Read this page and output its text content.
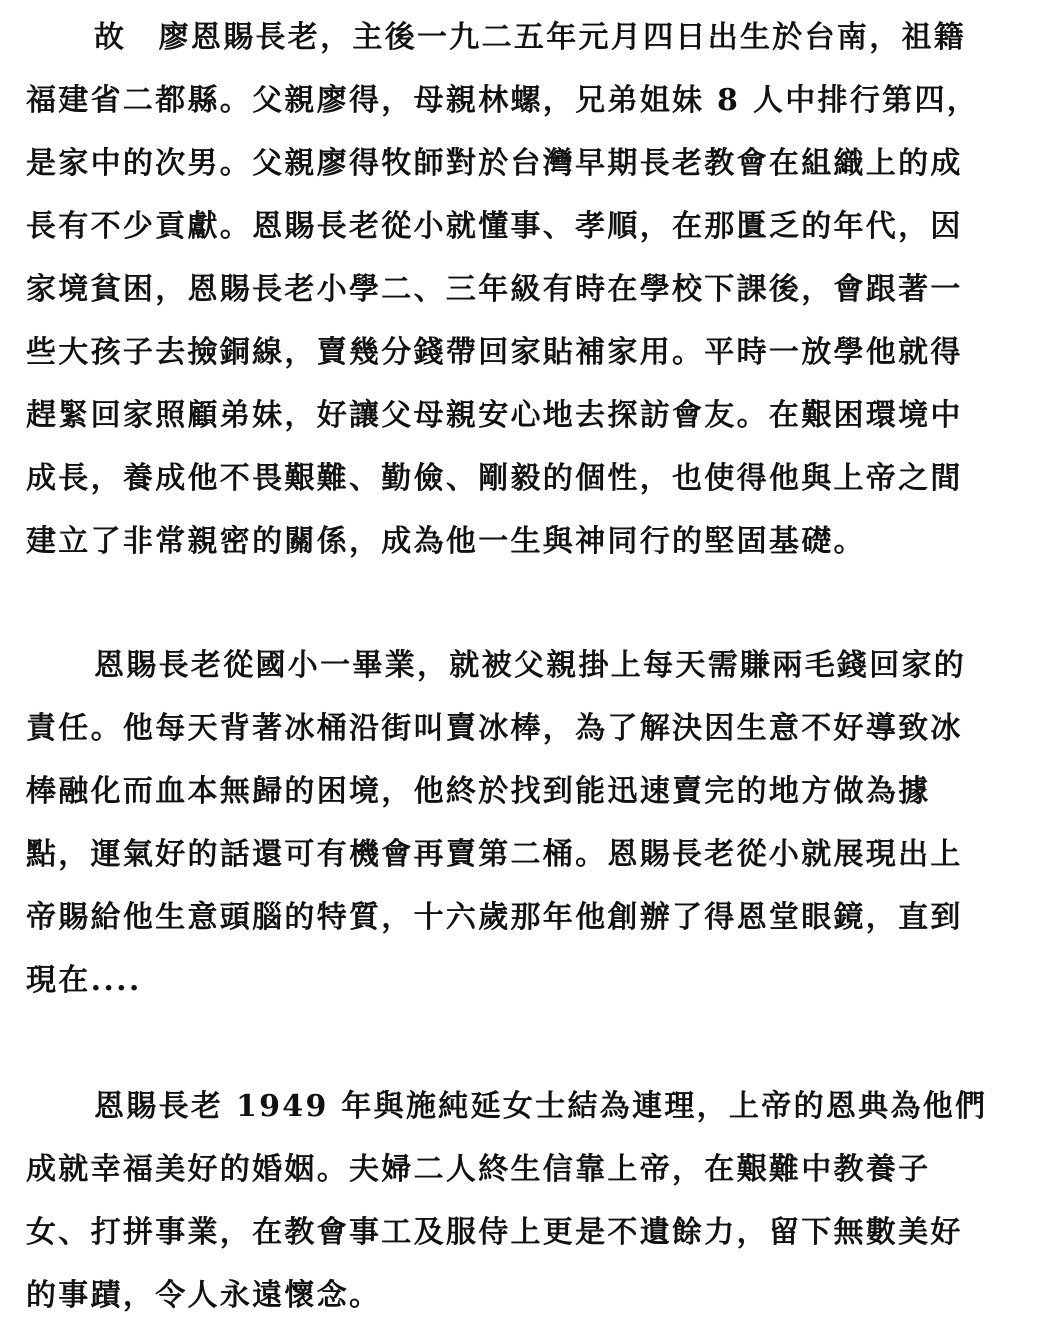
故　廖恩賜長老，主後一九二五年元月四日出生於台南，祖籍

福建省二都縣。父親廖得，母親林螺，兄弟姐妹 8 人中排行第四，

是家中的次男。父親廖得牧師對於台灣早期長老教會在組織上的成

長有不少貢獻。恩賜長老從小就懂事、孝順，在那匱乏的年代，因

家境貧困，恩賜長老小學二、三年級有時在學校下課後，會跟著一

些大孩子去撿銅線，賣幾分錢帶回家貼補家用。平時一放學他就得

趕緊回家照顧弟妹，好讓父母親安心地去探訪會友。在艱困環境中

成長，養成他不畏艱難、勤儉、剛毅的個性，也使得他與上帝之間

建立了非常親密的關係，成為他一生與神同行的堅固基礎。

恩賜長老從國小一畢業，就被父親掛上每天需賺兩毛錢回家的

責任。他每天背著冰桶沿街叫賣冰棒，為了解決因生意不好導致冰

棒融化而血本無歸的困境，他終於找到能迅速賣完的地方做為據

點，運氣好的話還可有機會再賣第二桶。恩賜長老從小就展現出上

帝賜給他生意頭腦的特質，十六歲那年他創辦了得恩堂眼鏡，直到

現在....

恩賜長老 1949 年與施純延女士結為連理，上帝的恩典為他們

成就幸福美好的婚姻。夫婦二人終生信靠上帝，在艱難中教養子

女、打拼事業，在教會事工及服侍上更是不遺餘力，留下無數美好

的事蹟，令人永遠懷念。
